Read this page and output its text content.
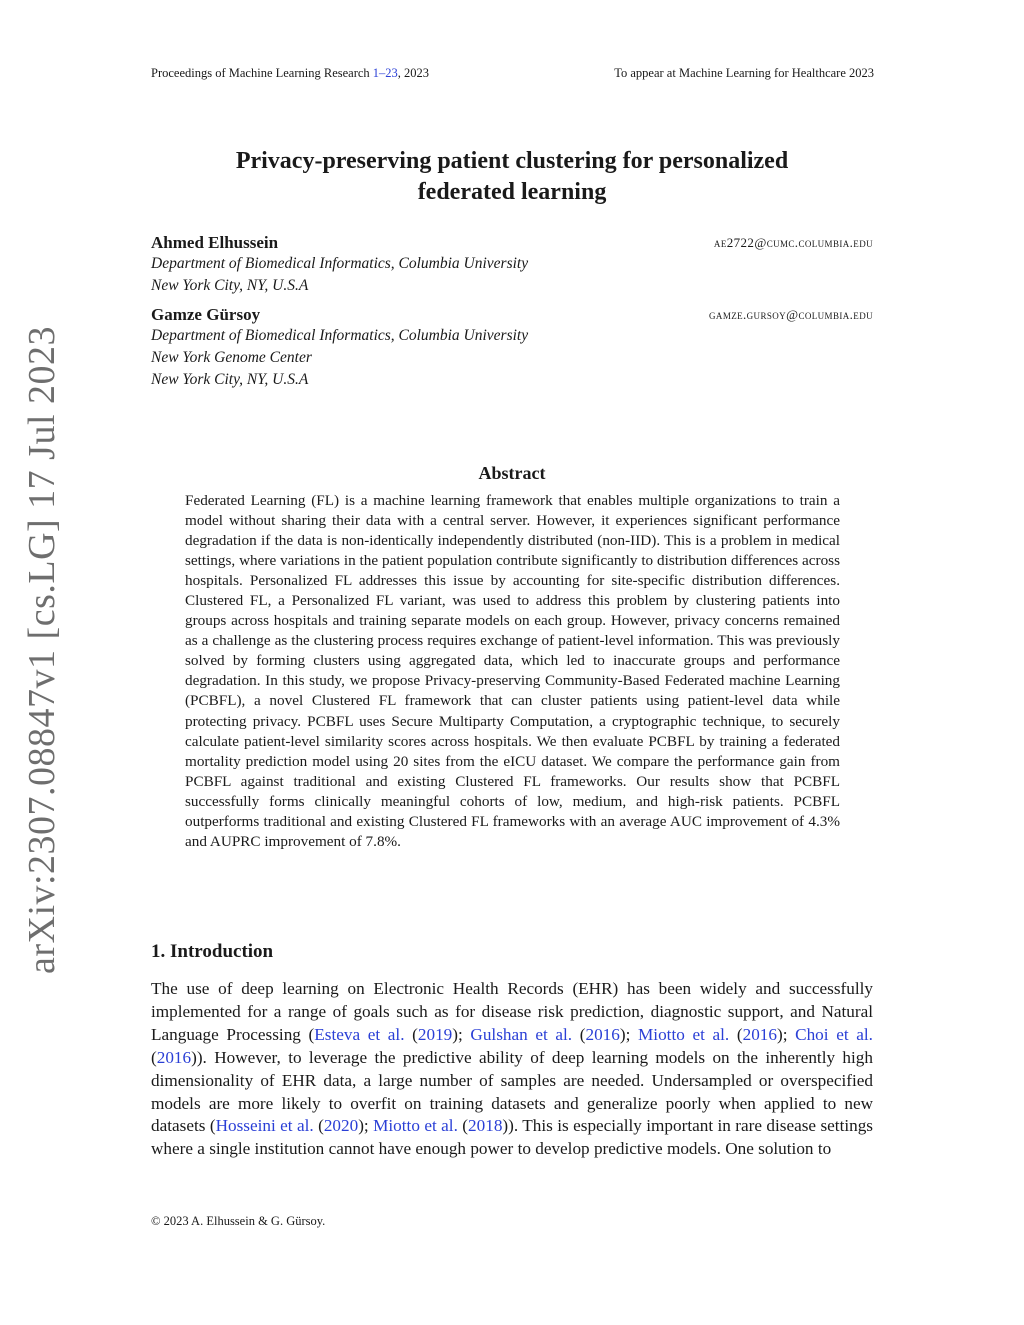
Proceedings of Machine Learning Research 1–23, 2023	To appear at Machine Learning for Healthcare 2023
arXiv:2307.08847v1 [cs.LG] 17 Jul 2023
Privacy-preserving patient clustering for personalized
federated learning
Ahmed Elhussein	ae2722@cumc.columbia.edu
Department of Biomedical Informatics, Columbia University
New York City, NY, U.S.A
Gamze Gürsoy	gamze.gursoy@columbia.edu
Department of Biomedical Informatics, Columbia University
New York Genome Center
New York City, NY, U.S.A
Abstract
Federated Learning (FL) is a machine learning framework that enables multiple organizations to train a model without sharing their data with a central server. However, it experiences significant performance degradation if the data is non-identically independently distributed (non-IID). This is a problem in medical settings, where variations in the patient population contribute significantly to distribution differences across hospitals. Personalized FL addresses this issue by accounting for site-specific distribution differences. Clustered FL, a Personalized FL variant, was used to address this problem by clustering patients into groups across hospitals and training separate models on each group. However, privacy concerns remained as a challenge as the clustering process requires exchange of patient-level information. This was previously solved by forming clusters using aggregated data, which led to inaccurate groups and performance degradation. In this study, we propose Privacy-preserving Community-Based Federated machine Learning (PCBFL), a novel Clustered FL framework that can cluster patients using patient-level data while protecting privacy. PCBFL uses Secure Multiparty Computation, a cryptographic technique, to securely calculate patient-level similarity scores across hospitals. We then evaluate PCBFL by training a federated mortality prediction model using 20 sites from the eICU dataset. We compare the performance gain from PCBFL against traditional and existing Clustered FL frameworks. Our results show that PCBFL successfully forms clinically meaningful cohorts of low, medium, and high-risk patients. PCBFL outperforms traditional and existing Clustered FL frameworks with an average AUC improvement of 4.3% and AUPRC improvement of 7.8%.
1. Introduction
The use of deep learning on Electronic Health Records (EHR) has been widely and successfully implemented for a range of goals such as for disease risk prediction, diagnostic support, and Natural Language Processing (Esteva et al. (2019); Gulshan et al. (2016); Miotto et al. (2016); Choi et al. (2016)). However, to leverage the predictive ability of deep learning models on the inherently high dimensionality of EHR data, a large number of samples are needed. Undersampled or overspecified models are more likely to overfit on training datasets and generalize poorly when applied to new datasets (Hosseini et al. (2020); Miotto et al. (2018)). This is especially important in rare disease settings where a single institution cannot have enough power to develop predictive models. One solution to
© 2023 A. Elhussein & G. Gürsoy.
